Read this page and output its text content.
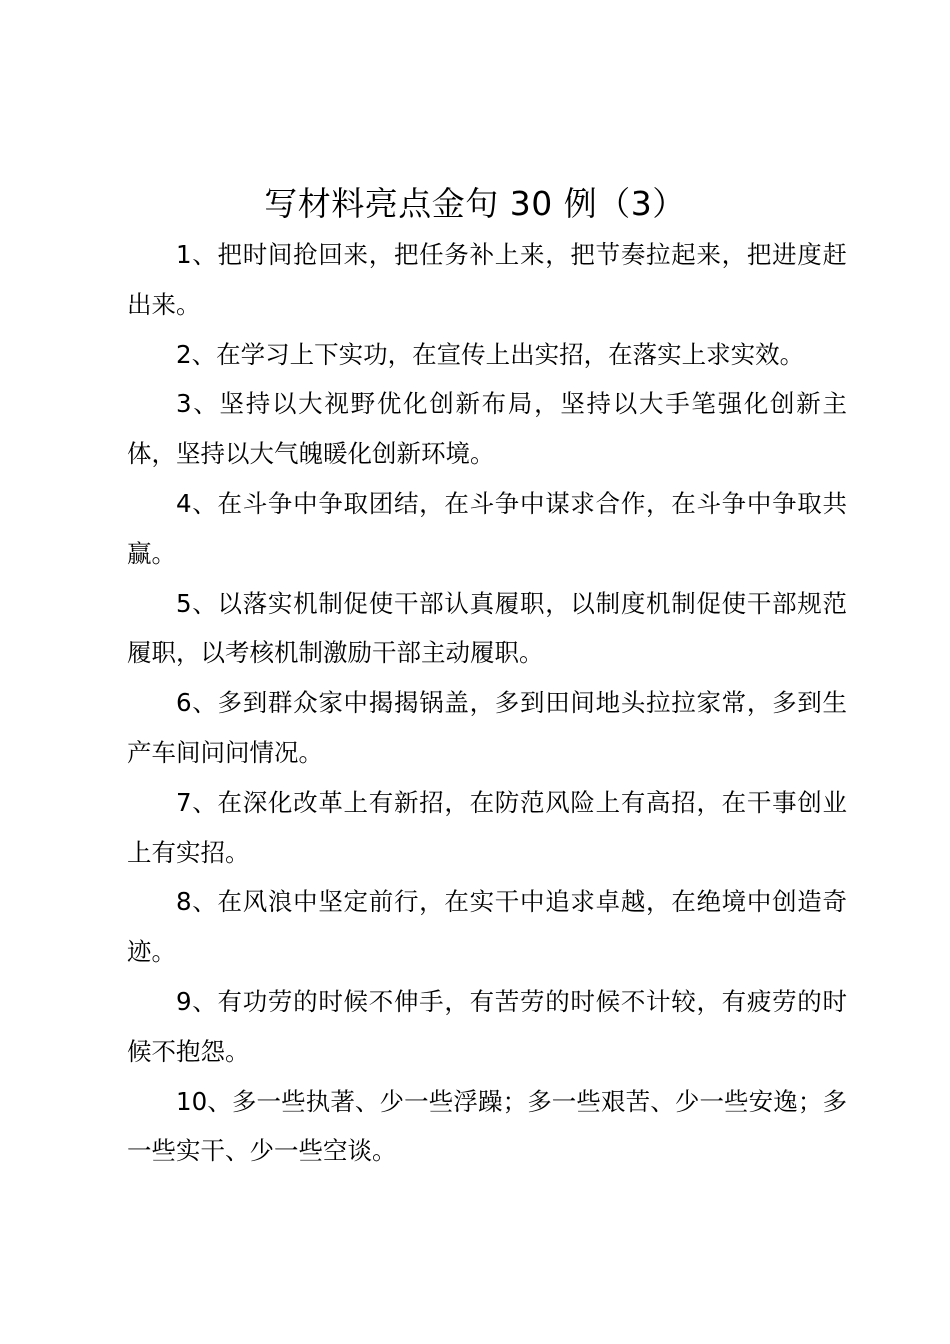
写材料亮点金句 30 例（3）

1、把时间抢回来，把任务补上来，把节奏拉起来，把进度赶出来。

2、在学习上下实功，在宣传上出实招，在落实上求实效。

3、坚持以大视野优化创新布局，坚持以大手笔强化创新主体，坚持以大气魄暖化创新环境。

4、在斗争中争取团结，在斗争中谋求合作，在斗争中争取共赢。

5、以落实机制促使干部认真履职，以制度机制促使干部规范履职，以考核机制激励干部主动履职。

6、多到群众家中揭揭锅盖，多到田间地头拉拉家常，多到生产车间问问情况。

7、在深化改革上有新招，在防范风险上有高招，在干事创业上有实招。

8、在风浪中坚定前行，在实干中追求卓越，在绝境中创造奇迹。

9、有功劳的时候不伸手，有苦劳的时候不计较，有疲劳的时候不抱怨。

10、多一些执著、少一些浮躁；多一些艰苦、少一些安逸；多一些实干、少一些空谈。
